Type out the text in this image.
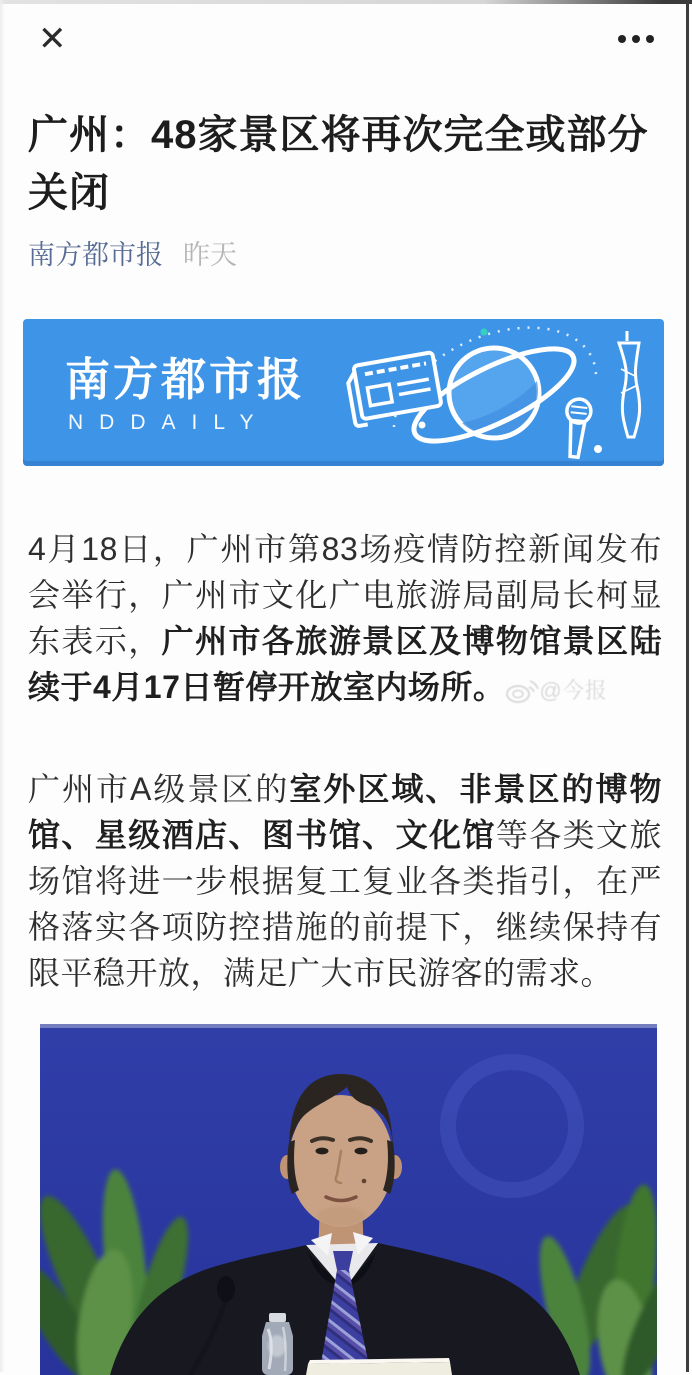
✕
广州：48家景区将再次完全或部分关闭
南方都市报 昨天
南方都市报
NDDAILY

4月18日，广州市第83场疫情防控新闻发布会举行，广州市文化广电旅游局副局长柯显东表示，广州市各旅游景区及博物馆景区陆续于4月17日暂停开放室内场所。 @今报

广州市A级景区的室外区域、非景区的博物馆、星级酒店、图书馆、文化馆等各类文旅场馆将进一步根据复工复业各类指引，在严格落实各项防控措施的前提下，继续保持有限平稳开放，满足广大市民游客的需求。
